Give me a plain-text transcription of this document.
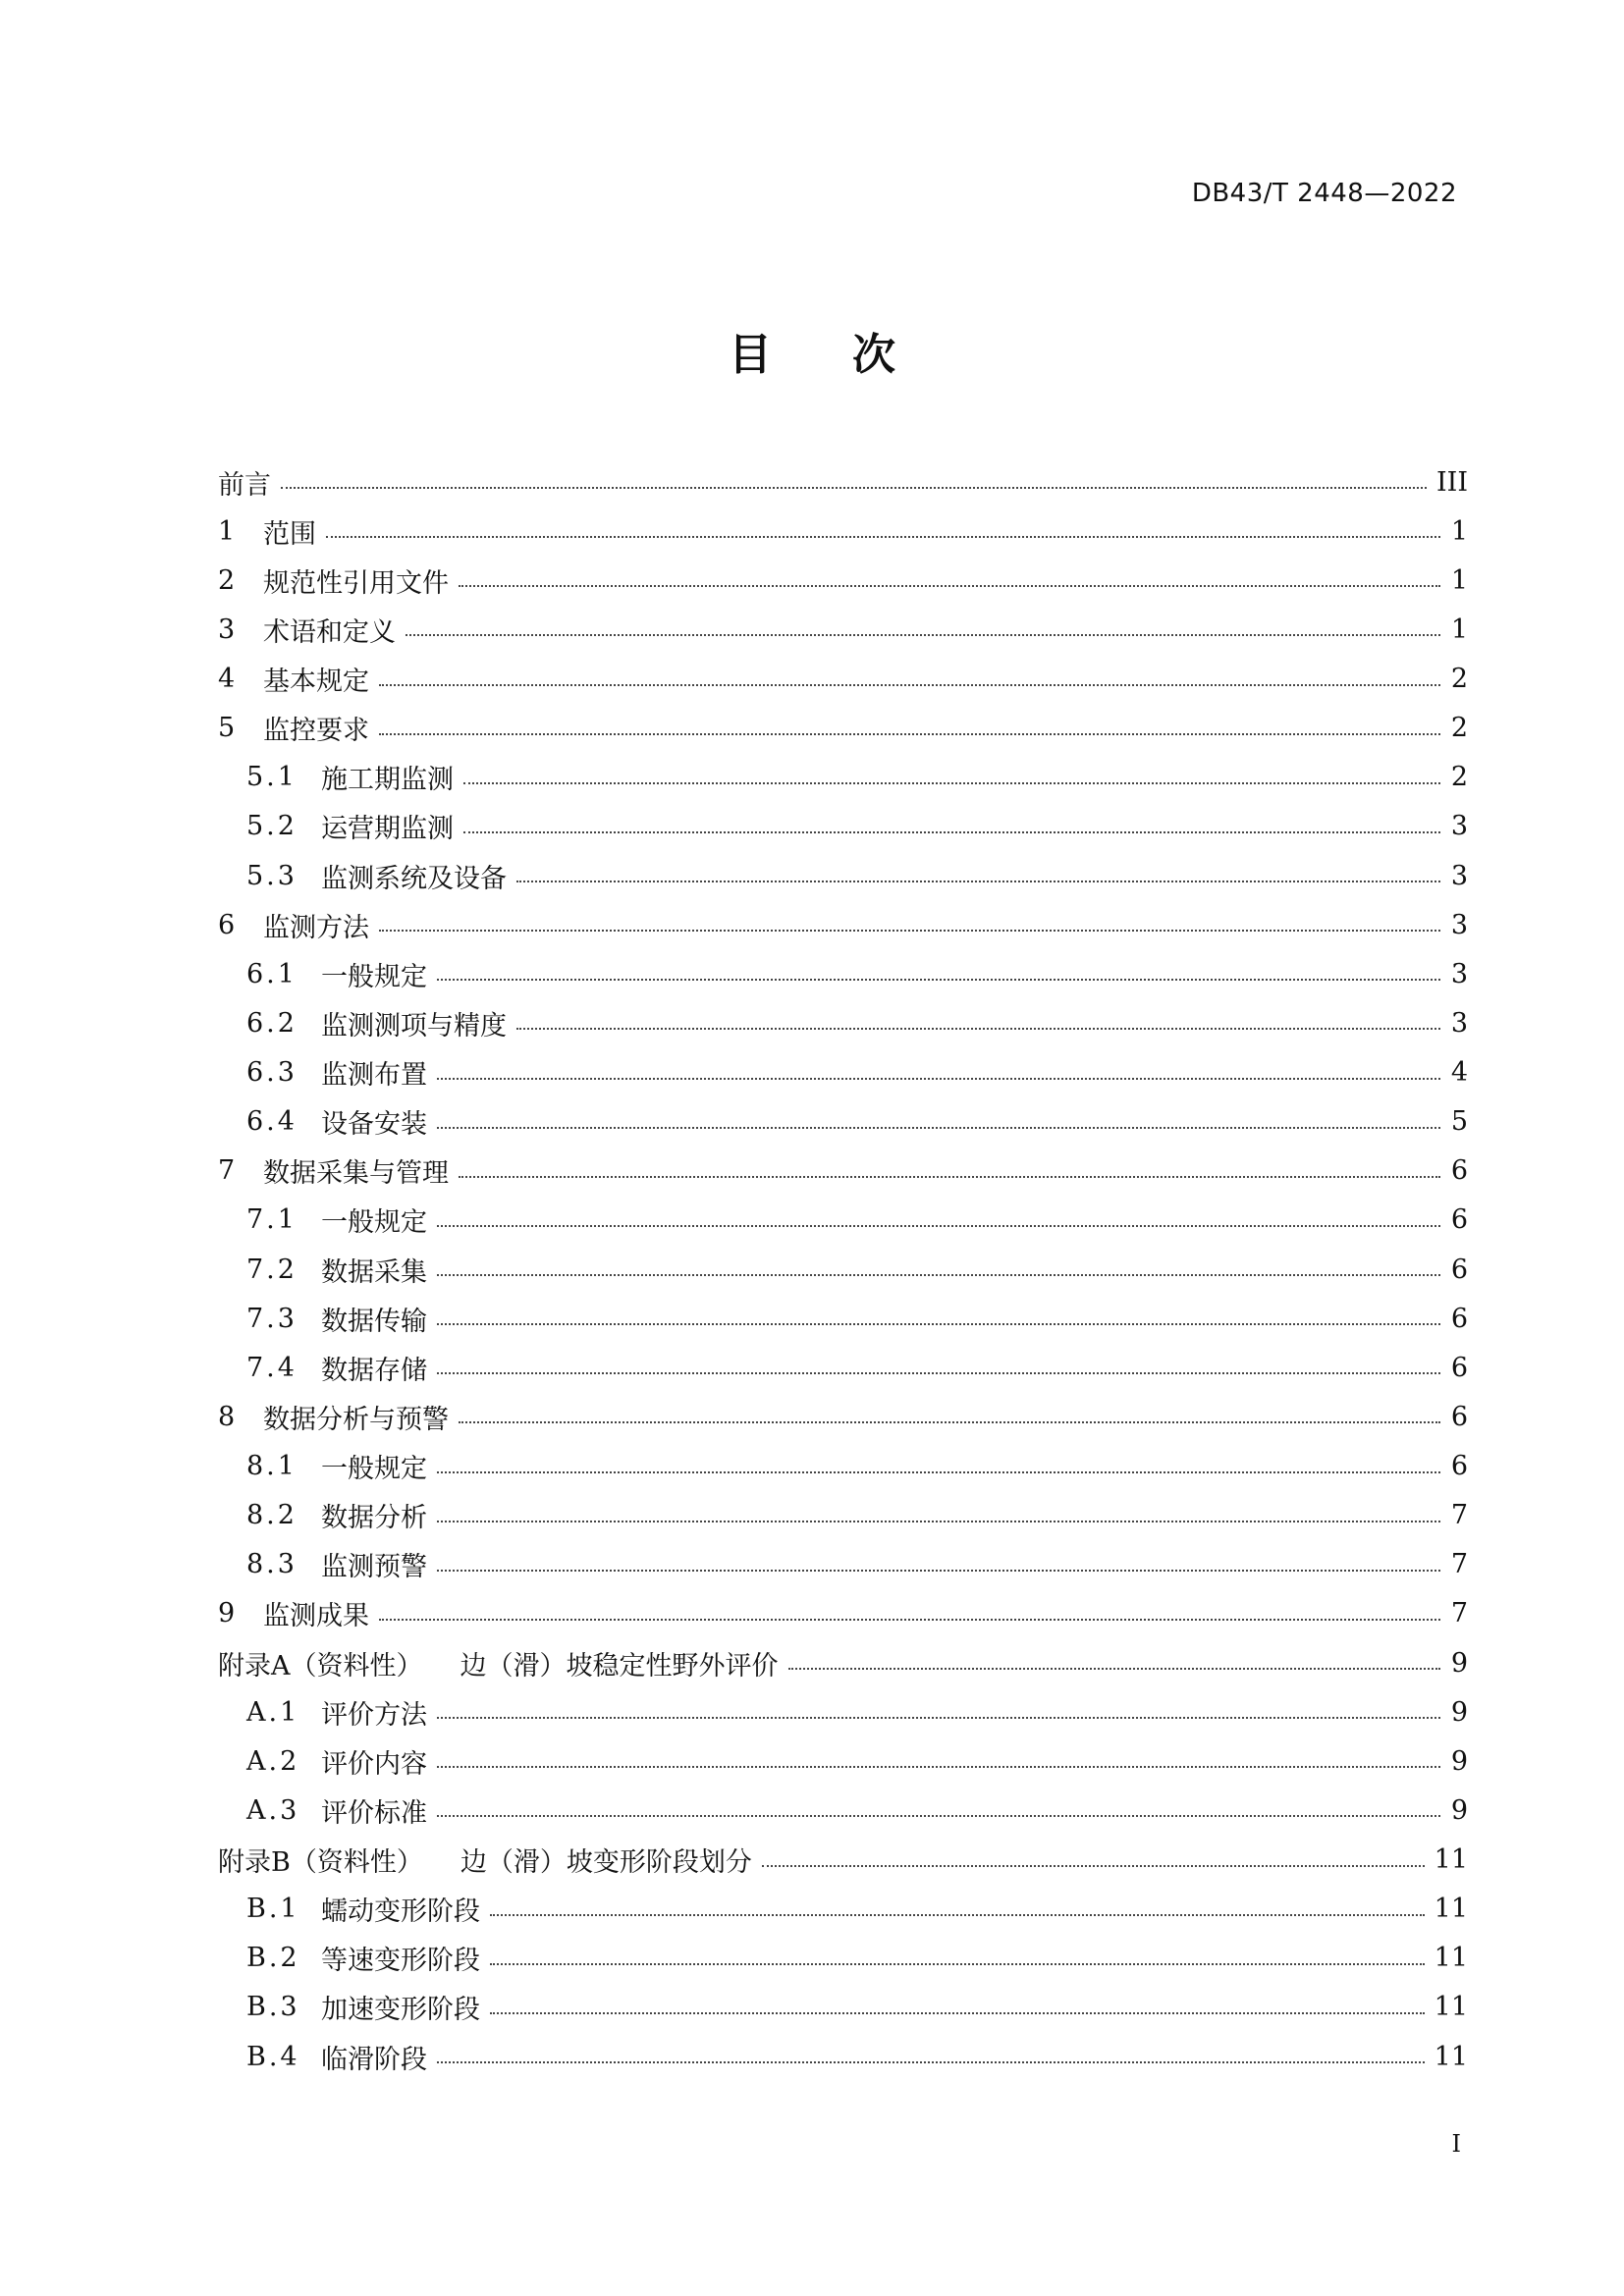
DB43/T 2448—2022
目 次
前言	III
1	范围	1
2	规范性引用文件	1
3	术语和定义	1
4	基本规定	2
5	监控要求	2
5.1 施工期监测	2
5.2 运营期监测	3
5.3 监测系统及设备	3
6	监测方法	3
6.1 一般规定	3
6.2 监测测项与精度	3
6.3 监测布置	4
6.4 设备安装	5
7	数据采集与管理	6
7.1 一般规定	6
7.2 数据采集	6
7.3 数据传输	6
7.4 数据存储	6
8	数据分析与预警	6
8.1 一般规定	6
8.2 数据分析	7
8.3 监测预警	7
9	监测成果	7
附录A（资料性） 边（滑）坡稳定性野外评价	9
A.1 评价方法	9
A.2 评价内容	9
A.3 评价标准	9
附录B（资料性） 边（滑）坡变形阶段划分	11
B.1 蠕动变形阶段	11
B.2 等速变形阶段	11
B.3 加速变形阶段	11
B.4 临滑阶段	11
I
